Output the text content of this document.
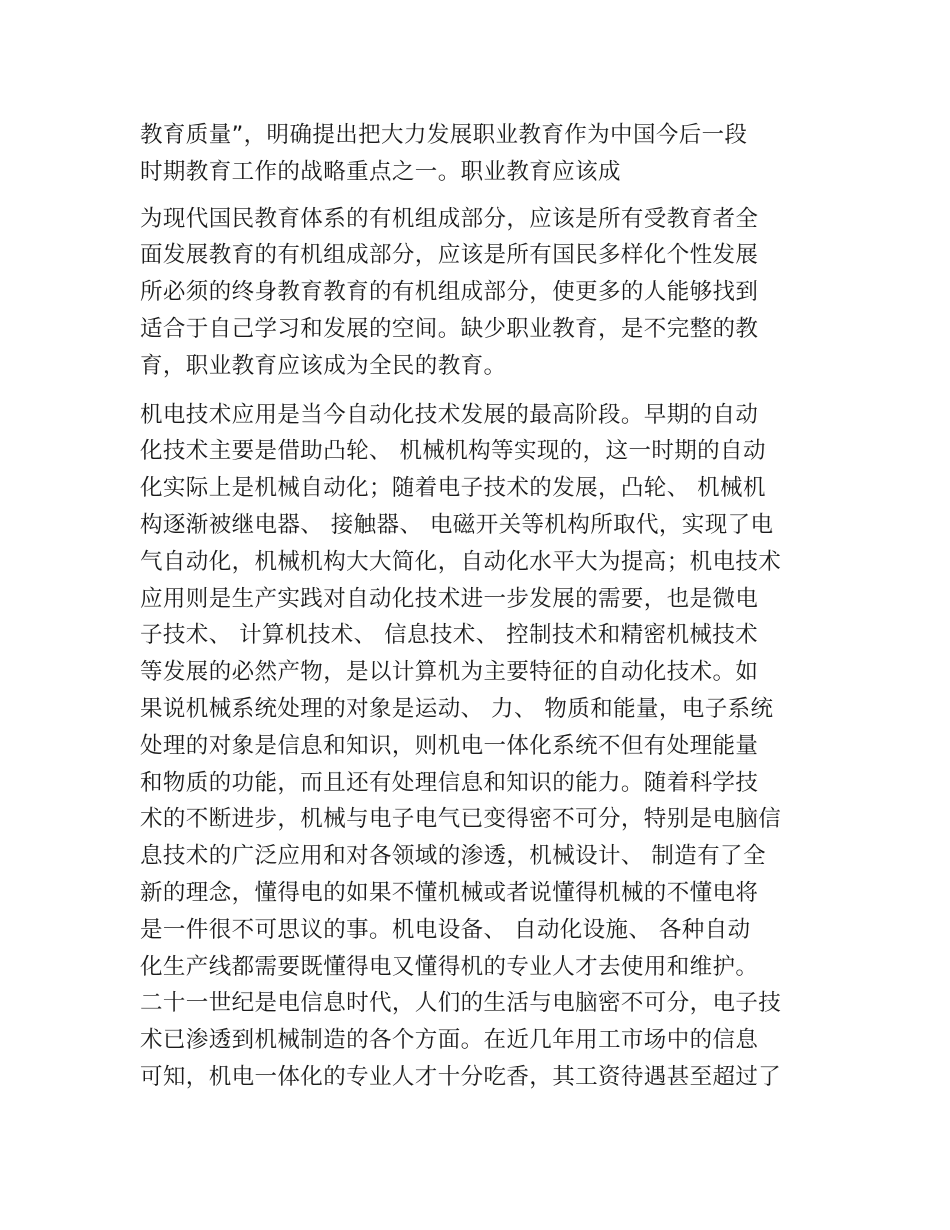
教育质量”，明确提出把大力发展职业教育作为中国今后一段
时期教育工作的战略重点之一。职业教育应该成
为现代国民教育体系的有机组成部分，应该是所有受教育者全
面发展教育的有机组成部分，应该是所有国民多样化个性发展
所必须的终身教育教育的有机组成部分，使更多的人能够找到
适合于自己学习和发展的空间。缺少职业教育，是不完整的教
育，职业教育应该成为全民的教育。
机电技术应用是当今自动化技术发展的最高阶段。早期的自动
化技术主要是借助凸轮、 机械机构等实现的，这一时期的自动
化实际上是机械自动化；随着电子技术的发展，凸轮、 机械机
构逐渐被继电器、 接触器、 电磁开关等机构所取代，实现了电
气自动化，机械机构大大简化，自动化水平大为提高；机电技术
应用则是生产实践对自动化技术进一步发展的需要，也是微电
子技术、 计算机技术、 信息技术、 控制技术和精密机械技术
等发展的必然产物，是以计算机为主要特征的自动化技术。如
果说机械系统处理的对象是运动、 力、 物质和能量，电子系统
处理的对象是信息和知识，则机电一体化系统不但有处理能量
和物质的功能，而且还有处理信息和知识的能力。随着科学技
术的不断进步，机械与电子电气已变得密不可分，特别是电脑信
息技术的广泛应用和对各领域的渗透，机械设计、 制造有了全
新的理念，懂得电的如果不懂机械或者说懂得机械的不懂电将
是一件很不可思议的事。机电设备、 自动化设施、 各种自动
化生产线都需要既懂得电又懂得机的专业人才去使用和维护。
二十一世纪是电信息时代，人们的生活与电脑密不可分，电子技
术已渗透到机械制造的各个方面。在近几年用工市场中的信息
可知，机电一体化的专业人才十分吃香，其工资待遇甚至超过了
